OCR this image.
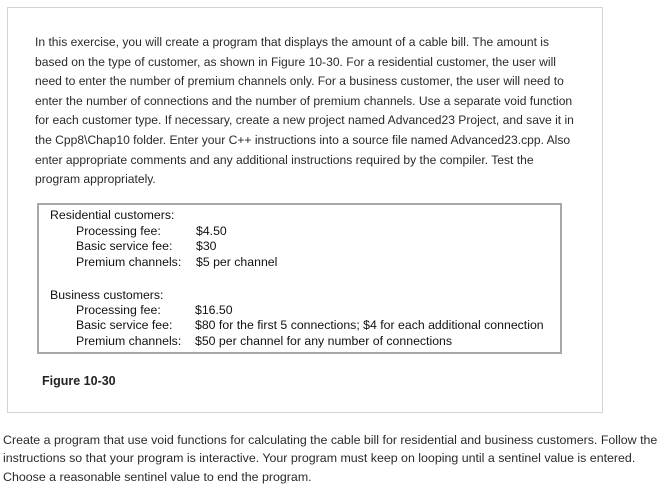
In this exercise, you will create a program that displays the amount of a cable bill. The amount is based on the type of customer, as shown in Figure 10-30. For a residential customer, the user will need to enter the number of premium channels only. For a business customer, the user will need to enter the number of connections and the number of premium channels. Use a separate void function for each customer type. If necessary, create a new project named Advanced23 Project, and save it in the Cpp8\Chap10 folder. Enter your C++ instructions into a source file named Advanced23.cpp. Also enter appropriate comments and any additional instructions required by the compiler. Test the program appropriately.

Residential customers:
Processing fee:	$4.50
Basic service fee: $30
Premium channels: $5 per channel
Business customers:
Processing fee:	$16.50
Basic service fee: $80 for the first 5 connections; $4 for each additional connection
Premium channels: $50 per channel for any number of connections
Figure 10-30

Create a program that use void functions for calculating the cable bill for residential and business customers. Follow the instructions so that your program is interactive. Your program must keep on looping until a sentinel value is entered. Choose a reasonable sentinel value to end the program.
